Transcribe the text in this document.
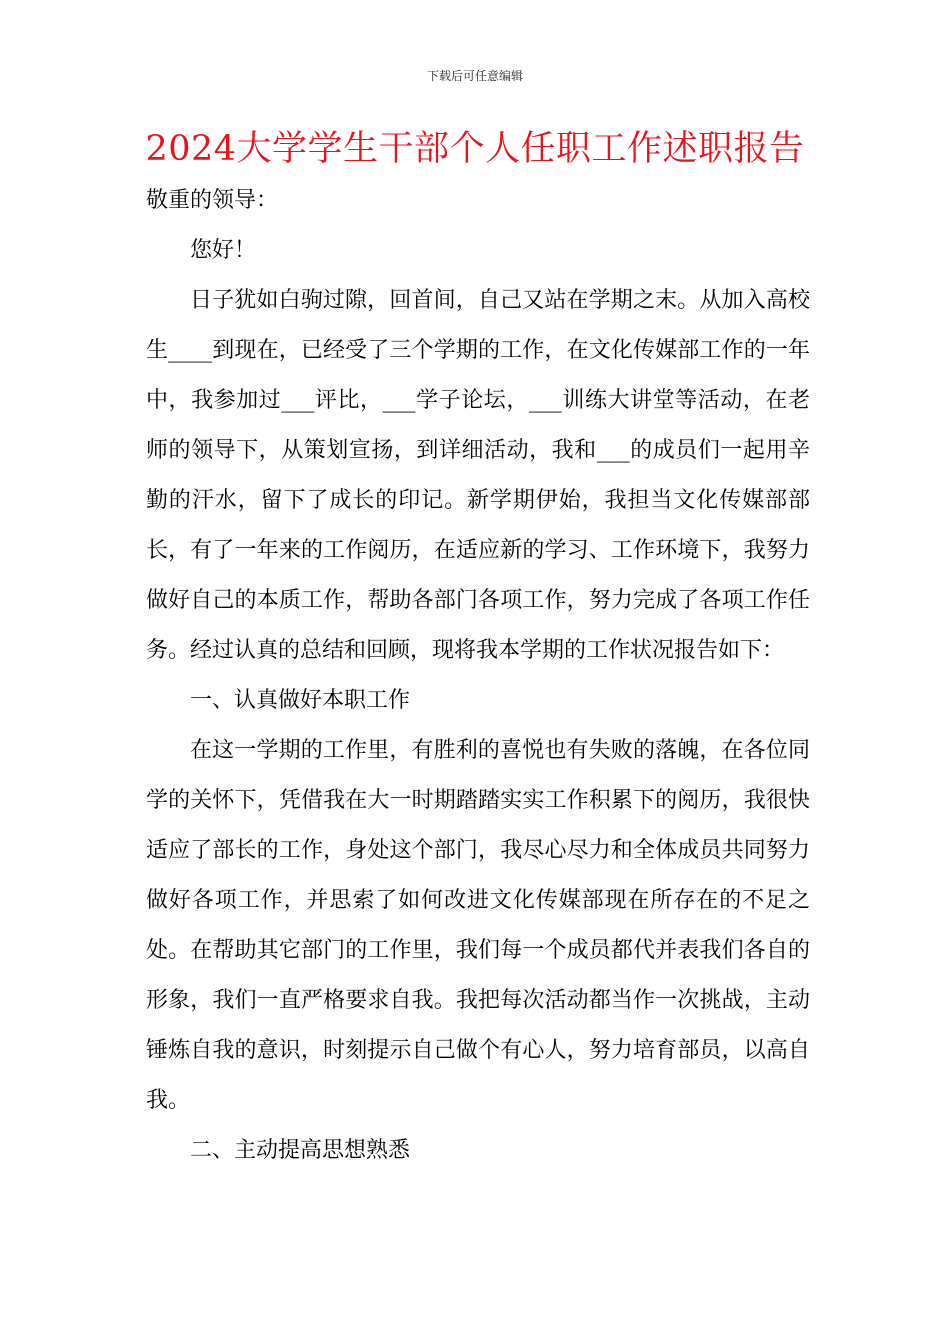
下载后可任意编辑
2024大学学生干部个人任职工作述职报告

敬重的领导：

您好！

日子犹如白驹过隙，回首间，自己又站在学期之末。从加入高校生____到现在，已经受了三个学期的工作，在文化传媒部工作的一年中，我参加过___评比，___学子论坛，___训练大讲堂等活动，在老师的领导下，从策划宣扬，到详细活动，我和___的成员们一起用辛勤的汗水，留下了成长的印记。新学期伊始，我担当文化传媒部部长，有了一年来的工作阅历，在适应新的学习、工作环境下，我努力做好自己的本质工作，帮助各部门各项工作，努力完成了各项工作任务。经过认真的总结和回顾，现将我本学期的工作状况报告如下：

一、认真做好本职工作

在这一学期的工作里，有胜利的喜悦也有失败的落魄，在各位同学的关怀下，凭借我在大一时期踏踏实实工作积累下的阅历，我很快适应了部长的工作，身处这个部门，我尽心尽力和全体成员共同努力做好各项工作，并思索了如何改进文化传媒部现在所存在的不足之处。在帮助其它部门的工作里，我们每一个成员都代并表我们各自的形象，我们一直严格要求自我。我把每次活动都当作一次挑战，主动锤炼自我的意识，时刻提示自己做个有心人，努力培育部员，以高自我。

二、主动提高思想熟悉
